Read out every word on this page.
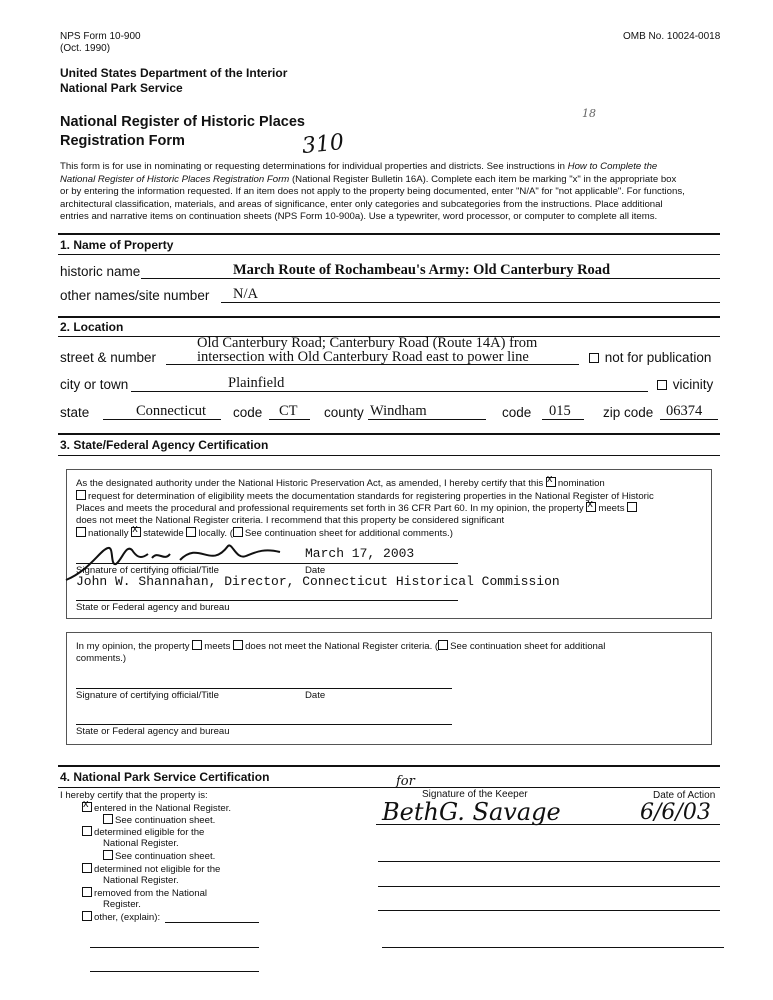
NPS Form 10-900
(Oct. 1990)
OMB No. 10024-0018
United States Department of the Interior
National Park Service
National Register of Historic Places
Registration Form	310
18
This form is for use in nominating or requesting determinations for individual properties and districts. See instructions in How to Complete the
National Register of Historic Places Registration Form (National Register Bulletin 16A). Complete each item be marking "x" in the appropriate box
or by entering the information requested. If an item does not apply to the property being documented, enter "N/A" for "not applicable". For functions,
architectural classification, materials, and areas of significance, enter only categories and subcategories from the instructions. Place additional
entries and narrative items on continuation sheets (NPS Form 10-900a). Use a typewriter, word processor, or computer to complete all items.
1. Name of Property
historic name	March Route of Rochambeau's Army: Old Canterbury Road
other names/site number N/A
2. Location
Old Canterbury Road; Canterbury Road (Route 14A) from
intersection with Old Canterbury Road east to power line
street & number	not for publication
city or town	Plainfield	vicinity
state	Connecticut code CT county Windham	code 015 zip code 06374
3. State/Federal Agency Certification
As the designated authority under the National Historic Preservation Act, as amended, I hereby certify that this x nomination
request for determination of eligibility meets the documentation standards for registering properties in the National Register of Historic
Places and meets the procedural and professional requirements set forth in 36 CFR Part 60. In my opinion, the property x meets
does not meet the National Register criteria. I recommend that this property be considered significant
nationally x statewide locally. ( See continuation sheet for additional comments.)
March 17, 2003
Signature of certifying official/Title	Date
John W. Shannahan, Director, Connecticut Historical Commission
State or Federal agency and bureau
In my opinion, the property meets does not meet the National Register criteria. ( See continuation sheet for additional
comments.)
Signature of certifying official/Title	Date
State or Federal agency and bureau
4. National Park Service Certification
I hereby certify that the property is:
xentered in the National Register.
See continuation sheet.
determined eligible for the
National Register.
See continuation sheet.
determined not eligible for the
National Register.
removed from the National
Register.
other, (explain):
Signature of the Keeper	Date of Action
for
BethG. Savage	6/6/03
